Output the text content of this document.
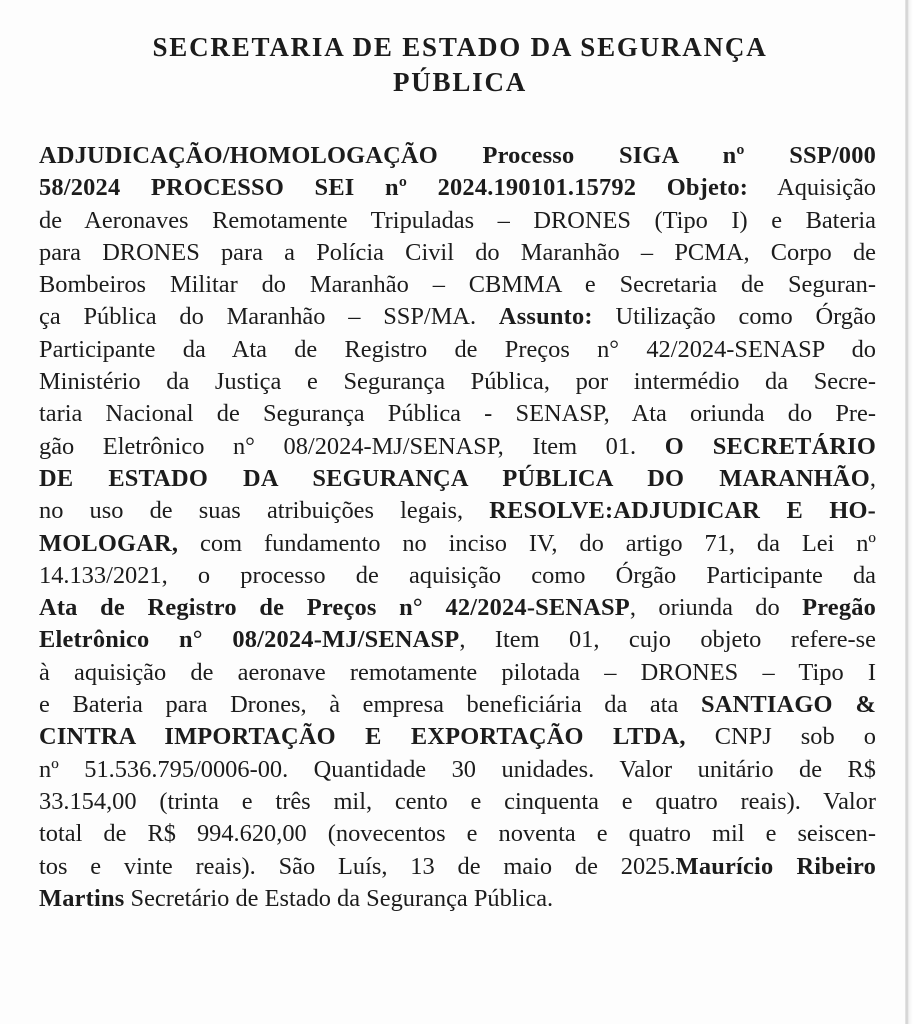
SECRETARIA DE ESTADO DA SEGURANÇA
PÚBLICA
ADJUDICAÇÃO/HOMOLOGAÇÃO Processo SIGA nº SSP/000
58/2024 PROCESSO SEI nº 2024.190101.15792 Objeto: Aquisição
de Aeronaves Remotamente Tripuladas – DRONES (Tipo I) e Bateria
para DRONES para a Polícia Civil do Maranhão – PCMA, Corpo de
Bombeiros Militar do Maranhão – CBMMA e Secretaria de Seguran-
ça Pública do Maranhão – SSP/MA. Assunto: Utilização como Órgão
Participante da Ata de Registro de Preços n° 42/2024-SENASP do
Ministério da Justiça e Segurança Pública, por intermédio da Secre-
taria Nacional de Segurança Pública - SENASP, Ata oriunda do Pre-
gão Eletrônico n° 08/2024-MJ/SENASP, Item 01. O SECRETÁRIO
DE ESTADO DA SEGURANÇA PÚBLICA DO MARANHÃO,
no uso de suas atribuições legais, RESOLVE:ADJUDICAR E HO-
MOLOGAR, com fundamento no inciso IV, do artigo 71, da Lei nº
14.133/2021, o processo de aquisição como Órgão Participante da
Ata de Registro de Preços n° 42/2024-SENASP, oriunda do Pregão
Eletrônico n° 08/2024-MJ/SENASP, Item 01, cujo objeto refere-se
à aquisição de aeronave remotamente pilotada – DRONES – Tipo I
e Bateria para Drones, à empresa beneficiária da ata SANTIAGO &
CINTRA IMPORTAÇÃO E EXPORTAÇÃO LTDA, CNPJ sob o
nº 51.536.795/0006-00. Quantidade 30 unidades. Valor unitário de R$
33.154,00 (trinta e três mil, cento e cinquenta e quatro reais). Valor
total de R$ 994.620,00 (novecentos e noventa e quatro mil e seiscen-
tos e vinte reais). São Luís, 13 de maio de 2025.Maurício Ribeiro
Martins Secretário de Estado da Segurança Pública.
